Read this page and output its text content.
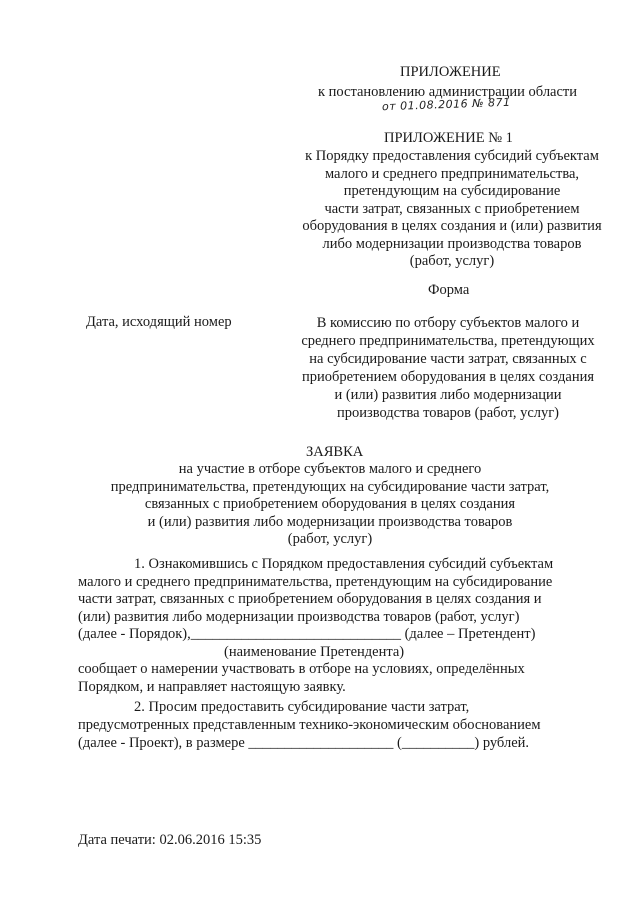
ПРИЛОЖЕНИЕ
к постановлению администрации области
от 01.08.2016 № 871
ПРИЛОЖЕНИЕ № 1
к Порядку предоставления субсидий субъектам
малого и среднего предпринимательства,
претендующим на субсидирование
части затрат, связанных с приобретением
оборудования в целях создания и (или) развития
либо модернизации производства товаров
(работ, услуг)
Форма
Дата, исходящий номер	В комиссию по отбору субъектов малого и
среднего предпринимательства, претендующих
на субсидирование части затрат, связанных с
приобретением оборудования в целях создания
и (или) развития либо модернизации
производства товаров (работ, услуг)
ЗАЯВКА
на участие в отборе субъектов малого и среднего
предпринимательства, претендующих на субсидирование части затрат,
связанных с приобретением оборудования в целях создания
и (или) развития либо модернизации производства товаров
(работ, услуг)
1. Ознакомившись с Порядком предоставления субсидий субъектам
малого и среднего предпринимательства, претендующим на субсидирование
части затрат, связанных с приобретением оборудования в целях создания и
(или) развития либо модернизации производства товаров (работ, услуг)
(далее - Порядок),_____________________________ (далее – Претендент)
(наименование Претендента)
сообщает о намерении участвовать в отборе на условиях, определённых
Порядком, и направляет настоящую заявку.
2. Просим предоставить субсидирование части затрат,
предусмотренных представленным технико-экономическим обоснованием
(далее - Проект), в размере ____________________ (__________) рублей.
Дата печати: 02.06.2016 15:35
